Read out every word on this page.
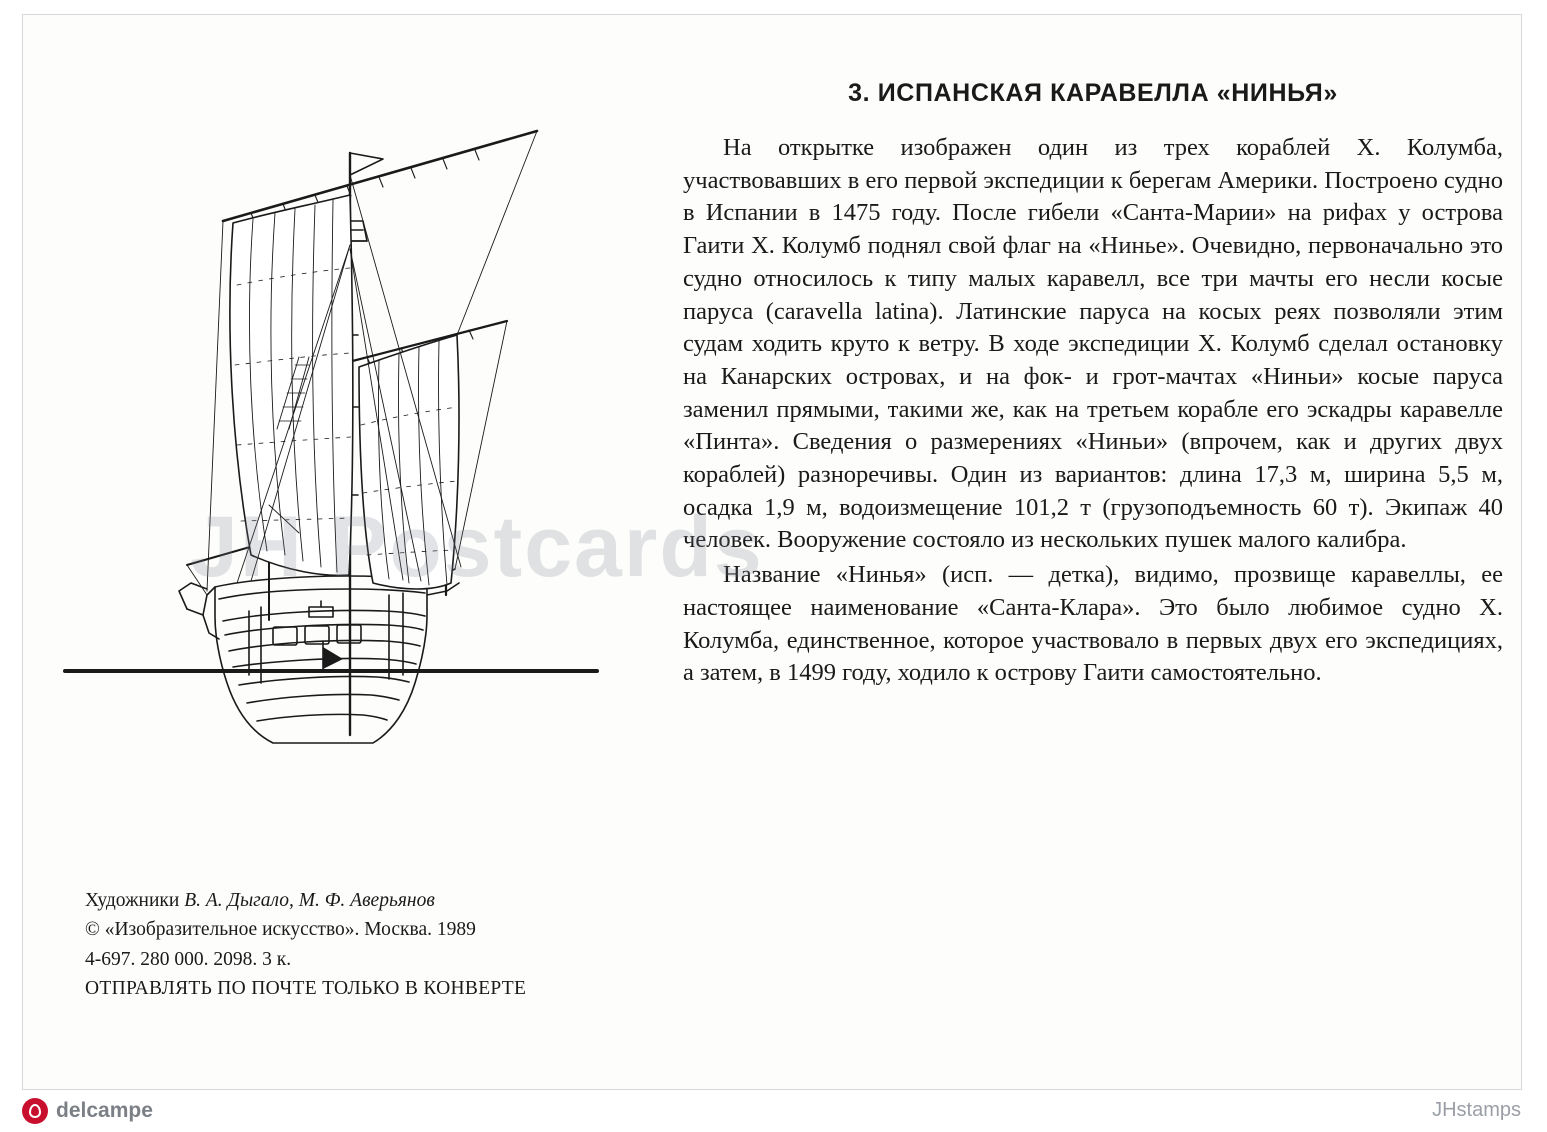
3. ИСПАНСКАЯ КАРАВЕЛЛА «НИНЬЯ»

На открытке изображен один из трех кораблей Х. Колумба, участвовавших в его первой экспедиции к берегам Америки. Построено судно в Испании в 1475 году. После гибели «Санта-Марии» на рифах у острова Гаити Х. Колумб поднял свой флаг на «Нинье». Очевидно, первоначально это судно относилось к типу малых каравелл, все три мачты его несли косые паруса (caravella latina). Латинские паруса на косых реях позволяли этим судам ходить круто к ветру. В ходе экспедиции Х. Колумб сделал остановку на Канарских островах, и на фок- и грот-мачтах «Ниньи» косые паруса заменил прямыми, такими же, как на третьем корабле его эскадры каравелле «Пинта». Сведения о размерениях «Ниньи» (впрочем, как и других двух кораблей) разноречивы. Один из вариантов: длина 17,3 м, ширина 5,5 м, осадка 1,9 м, водоизмещение 101,2 т (грузоподъемность 60 т). Экипаж 40 человек. Вооружение состояло из нескольких пушек малого калибра.

Название «Нинья» (исп. — детка), видимо, прозвище каравеллы, ее настоящее наименование «Санта-Клара». Это было любимое судно Х. Колумба, единственное, которое участвовало в первых двух его экспедициях, а затем, в 1499 году, ходило к острову Гаити самостоятельно.

Художники В. А. Дыгало, М. Ф. Аверьянов
© «Изобразительное искусство». Москва. 1989
4-697. 280 000. 2098. 3 к.
ОТПРАВЛЯТЬ ПО ПОЧТЕ ТОЛЬКО В КОНВЕРТЕ
JH Postcards
delcampe	JHstamps
